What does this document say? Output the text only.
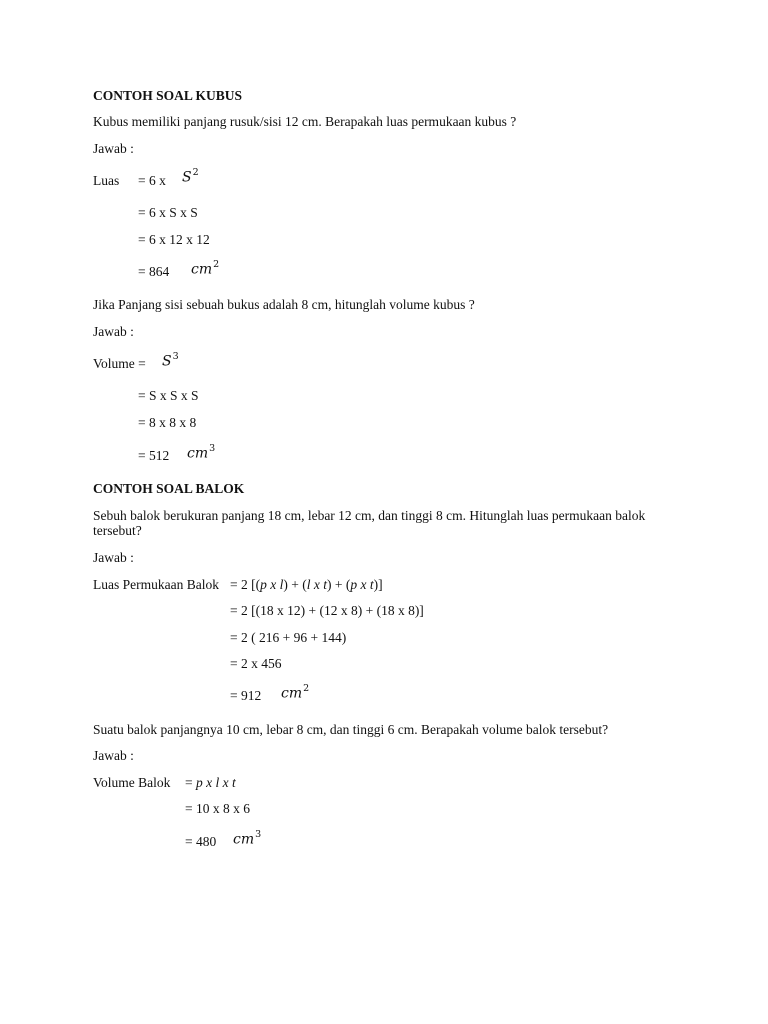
CONTOH SOAL KUBUS
Kubus memiliki panjang rusuk/sisi 12 cm. Berapakah luas permukaan kubus ?
Jawab :
Luas = 6 x $S^2$
= 6 x S x S
= 6 x 12 x 12
= 864 $cm^2$
Jika Panjang sisi sebuah bukus adalah 8 cm, hitunglah volume kubus ?
Jawab :
Volume = $S^3$
= S x S x S
= 8 x 8 x 8
= 512 $cm^3$
CONTOH SOAL BALOK
Sebuh balok berukuran panjang 18 cm, lebar 12 cm, dan tinggi 8 cm. Hitunglah luas permukaan balok
tersebut?
Jawab :
Luas Permukaan Balok = 2 [(p x l) + (l x t) + (p x t)]
= 2 [(18 x 12) + (12 x 8) + (18 x 8)]
= 2 ( 216 + 96 + 144)
= 2 x 456
= 912 $cm^2$
Suatu balok panjangnya 10 cm, lebar 8 cm, dan tinggi 6 cm. Berapakah volume balok tersebut?
Jawab :
Volume Balok = p x l x t
= 10 x 8 x 6
= 480 $cm^3$
